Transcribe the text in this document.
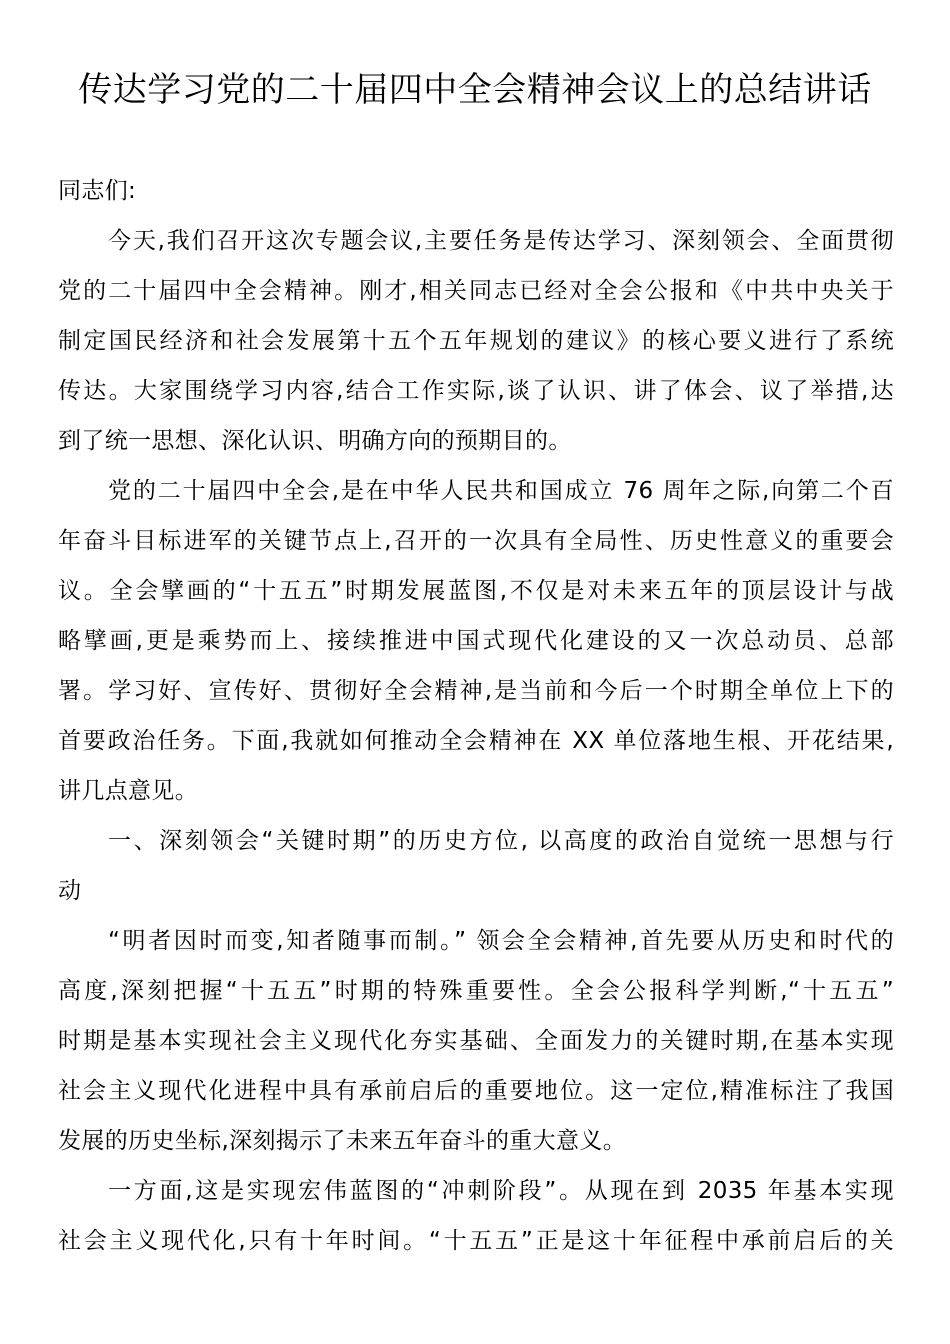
传达学习党的二十届四中全会精神会议上的总结讲话
同志们:
今天,我们召开这次专题会议,主要任务是传达学习、深刻领会、全面贯彻
党的二十届四中全会精神。刚才,相关同志已经对全会公报和《中共中央关于
制定国民经济和社会发展第十五个五年规划的建议》的核心要义进行了系统
传达。大家围绕学习内容,结合工作实际,谈了认识、讲了体会、议了举措,达
到了统一思想、深化认识、明确方向的预期目的。
党的二十届四中全会,是在中华人民共和国成立 76 周年之际,向第二个百
年奋斗目标进军的关键节点上,召开的一次具有全局性、历史性意义的重要会
议。全会擘画的“十五五”时期发展蓝图,不仅是对未来五年的顶层设计与战
略擘画,更是乘势而上、接续推进中国式现代化建设的又一次总动员、总部
署。学习好、宣传好、贯彻好全会精神,是当前和今后一个时期全单位上下的
首要政治任务。下面,我就如何推动全会精神在 XX 单位落地生根、开花结果,
讲几点意见。
一、深刻领会“关键时期”的历史方位, 以高度的政治自觉统一思想与行
动
“明者因时而变,知者随事而制。” 领会全会精神,首先要从历史和时代的
高度,深刻把握“十五五”时期的特殊重要性。全会公报科学判断,“十五五”
时期是基本实现社会主义现代化夯实基础、全面发力的关键时期,在基本实现
社会主义现代化进程中具有承前启后的重要地位。这一定位,精准标注了我国
发展的历史坐标,深刻揭示了未来五年奋斗的重大意义。
一方面,这是实现宏伟蓝图的“冲刺阶段”。从现在到 2035 年基本实现
社会主义现代化,只有十年时间。“十五五”正是这十年征程中承前启后的关
